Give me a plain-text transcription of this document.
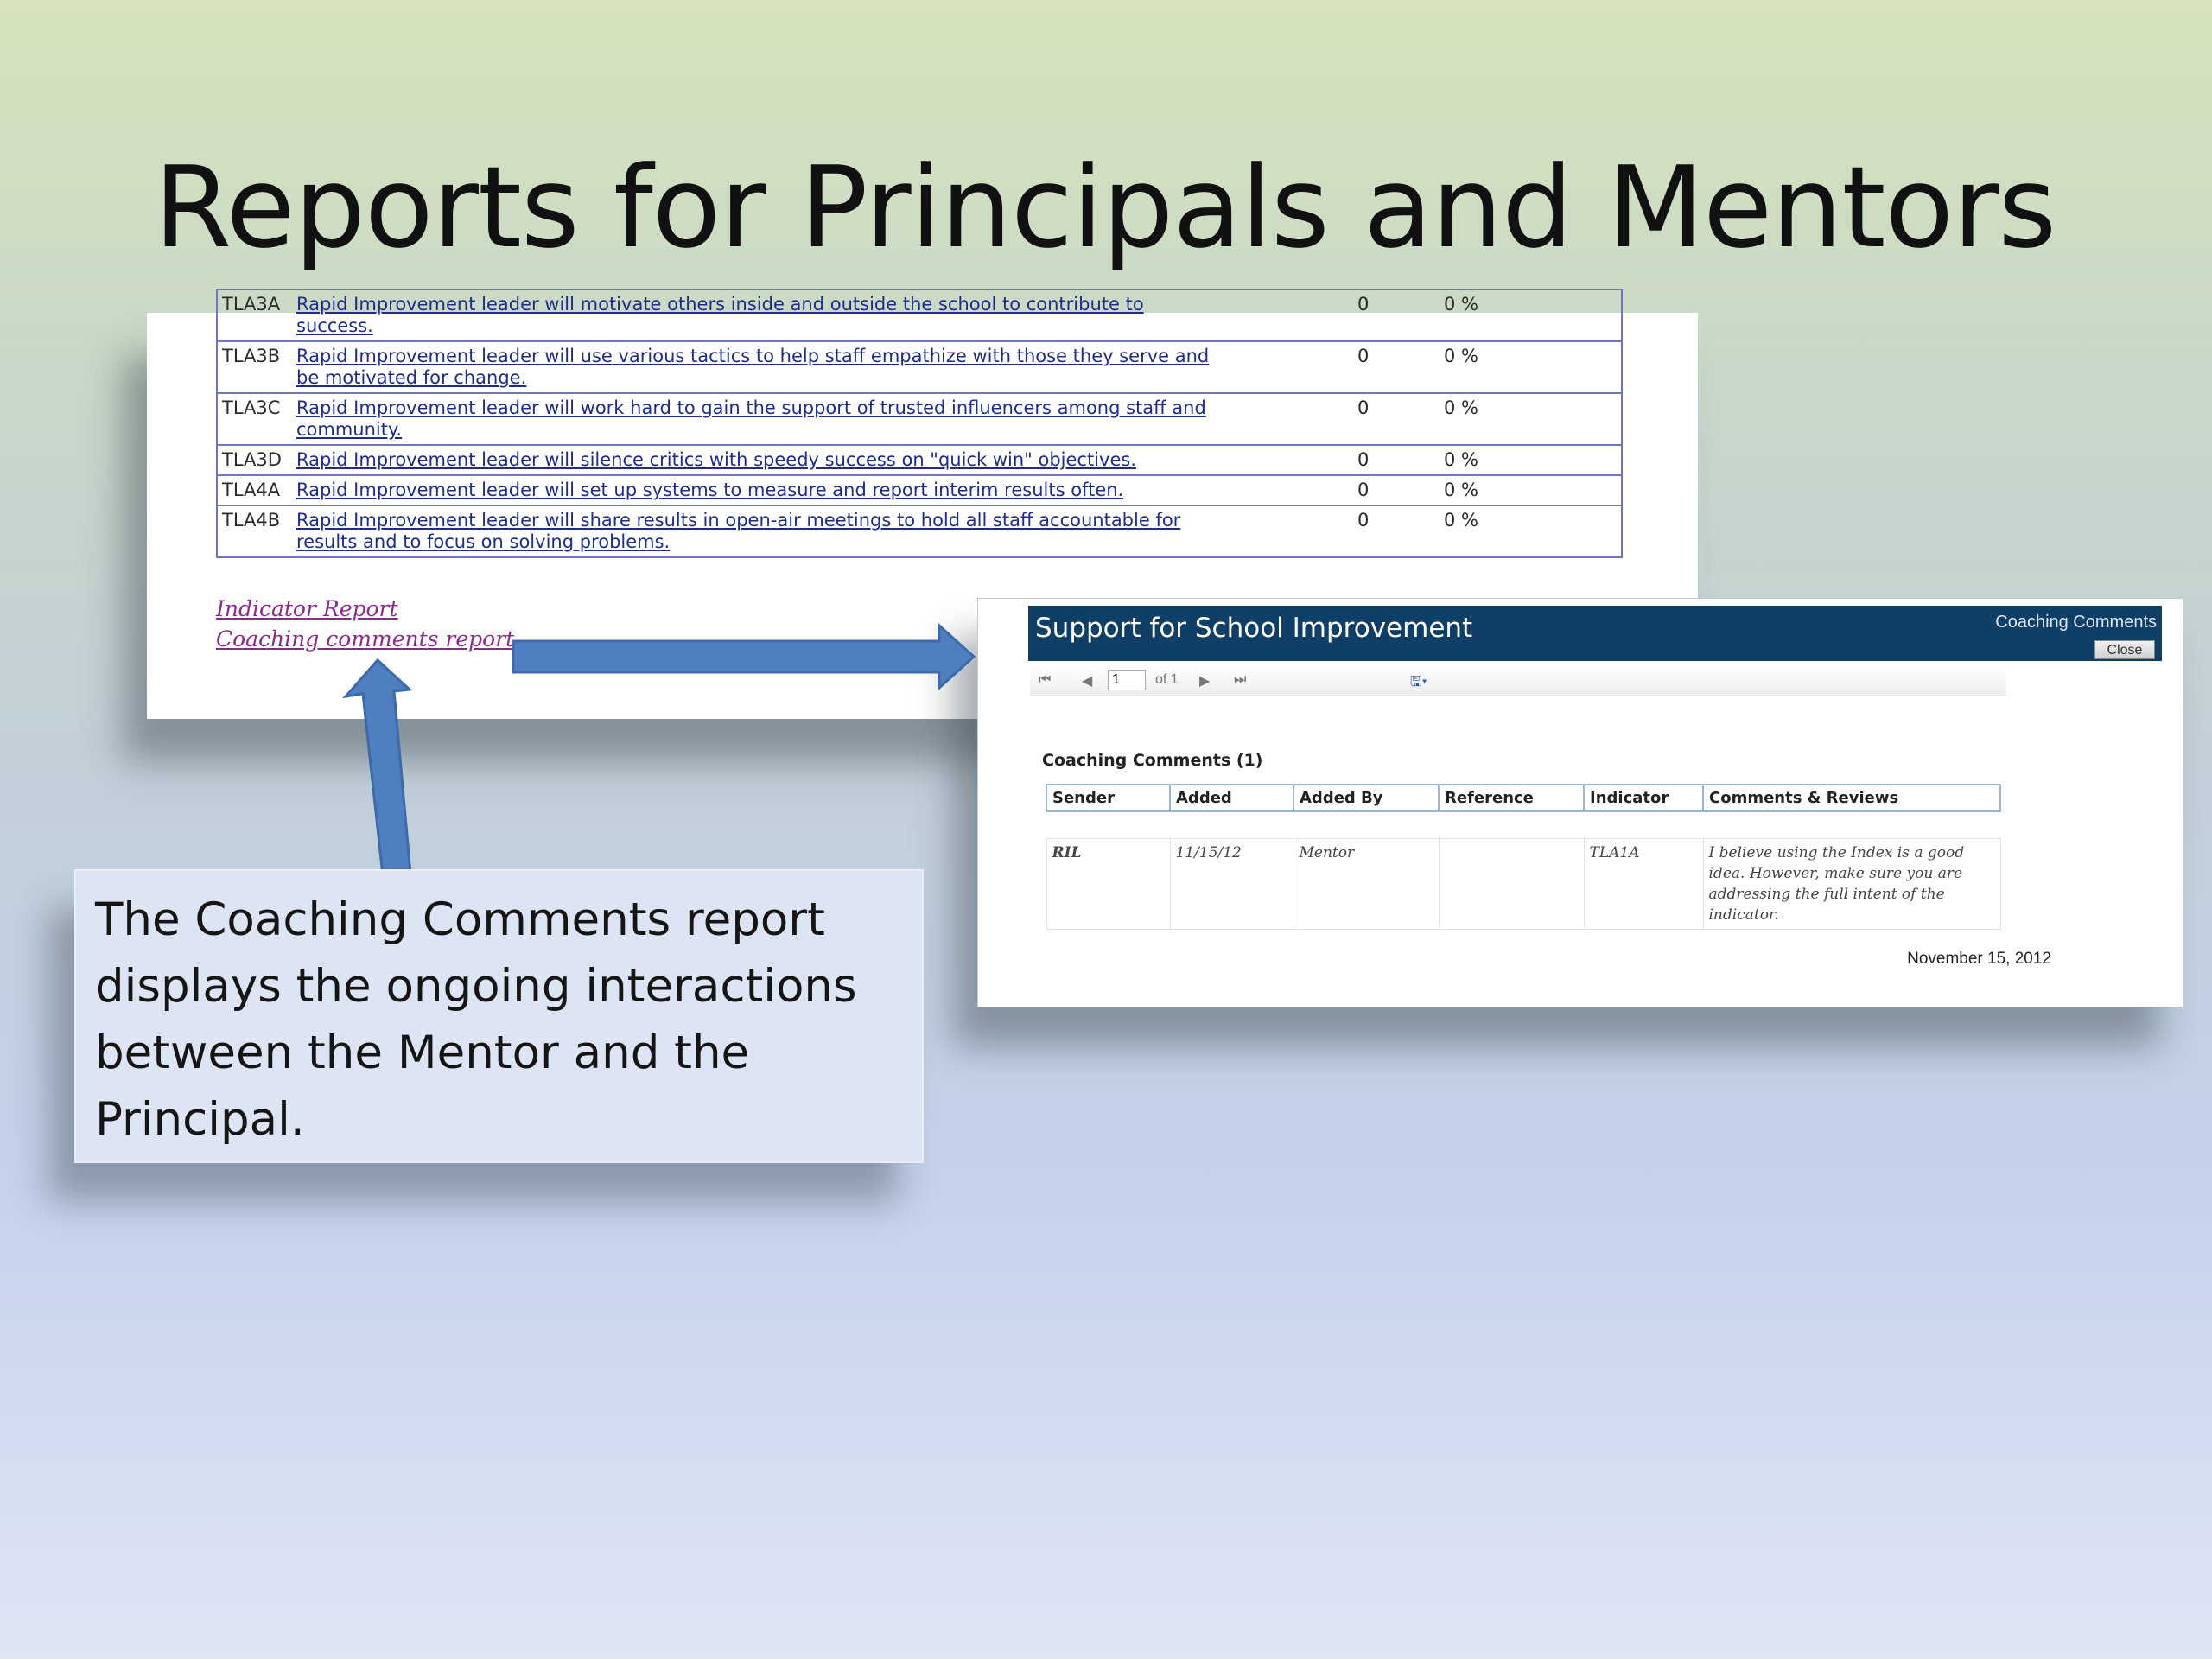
Reports for Principals and Mentors
TLA3A	Rapid Improvement leader will motivate others inside and outside the school to contribute to success.	0	0 %
TLA3B	Rapid Improvement leader will use various tactics to help staff empathize with those they serve and be motivated for change.	0	0 %
TLA3C	Rapid Improvement leader will work hard to gain the support of trusted influencers among staff and community.	0	0 %
TLA3D	Rapid Improvement leader will silence critics with speedy success on "quick win" objectives.	0	0 %
TLA4A	Rapid Improvement leader will set up systems to measure and report interim results often.	0	0 %
TLA4B	Rapid Improvement leader will share results in open-air meetings to hold all staff accountable for results and to focus on solving problems.	0	0 %
Indicator Report
Coaching comments report	Support for School Improvement	Coaching Comments
Close
⏮ ◀
1	of 1 ▶ ⏭	🖫▾
Coaching Comments (1)
Sender	Added	Added By	Reference	Indicator	Comments & Reviews

RIL	11/15/12	Mentor		TLA1A	I believe using the Index is a good idea. However, make sure you are addressing the full intent of the indicator.
November 15, 2012
The Coaching Comments report displays the ongoing interactions between the Mentor and the Principal.
